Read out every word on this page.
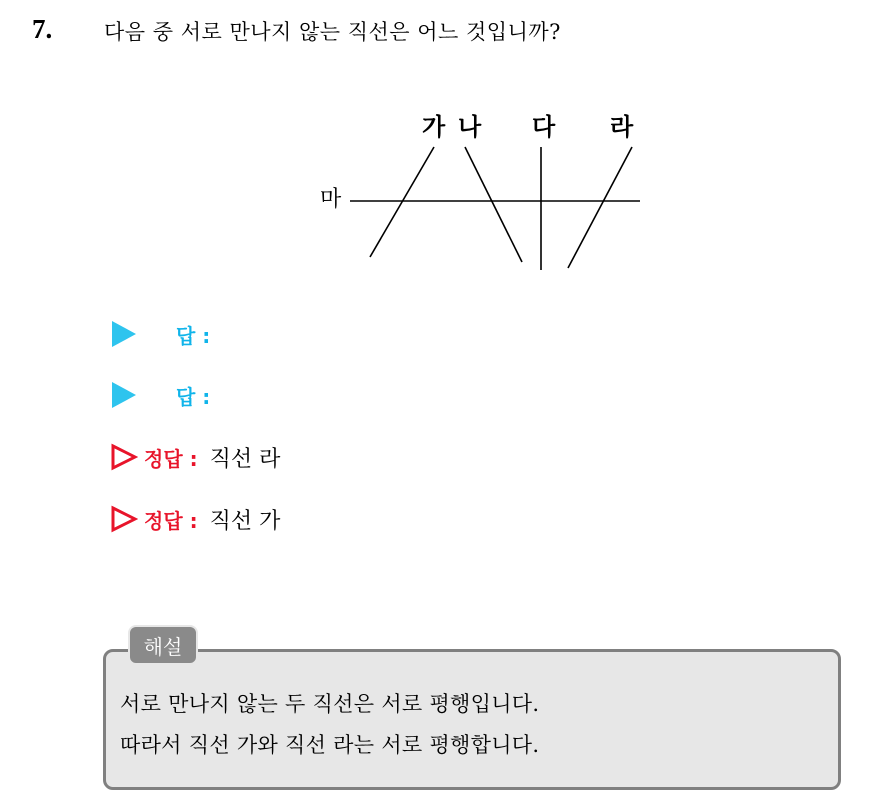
7. 다음 중 서로 만나지 않는 직선은 어느 것입니까?
가 나 다 라
마
답 :
답 :
정답 : 직선 라
정답 : 직선 가
해설
서로 만나지 않는 두 직선은 서로 평행입니다.
따라서 직선 가와 직선 라는 서로 평행합니다.
